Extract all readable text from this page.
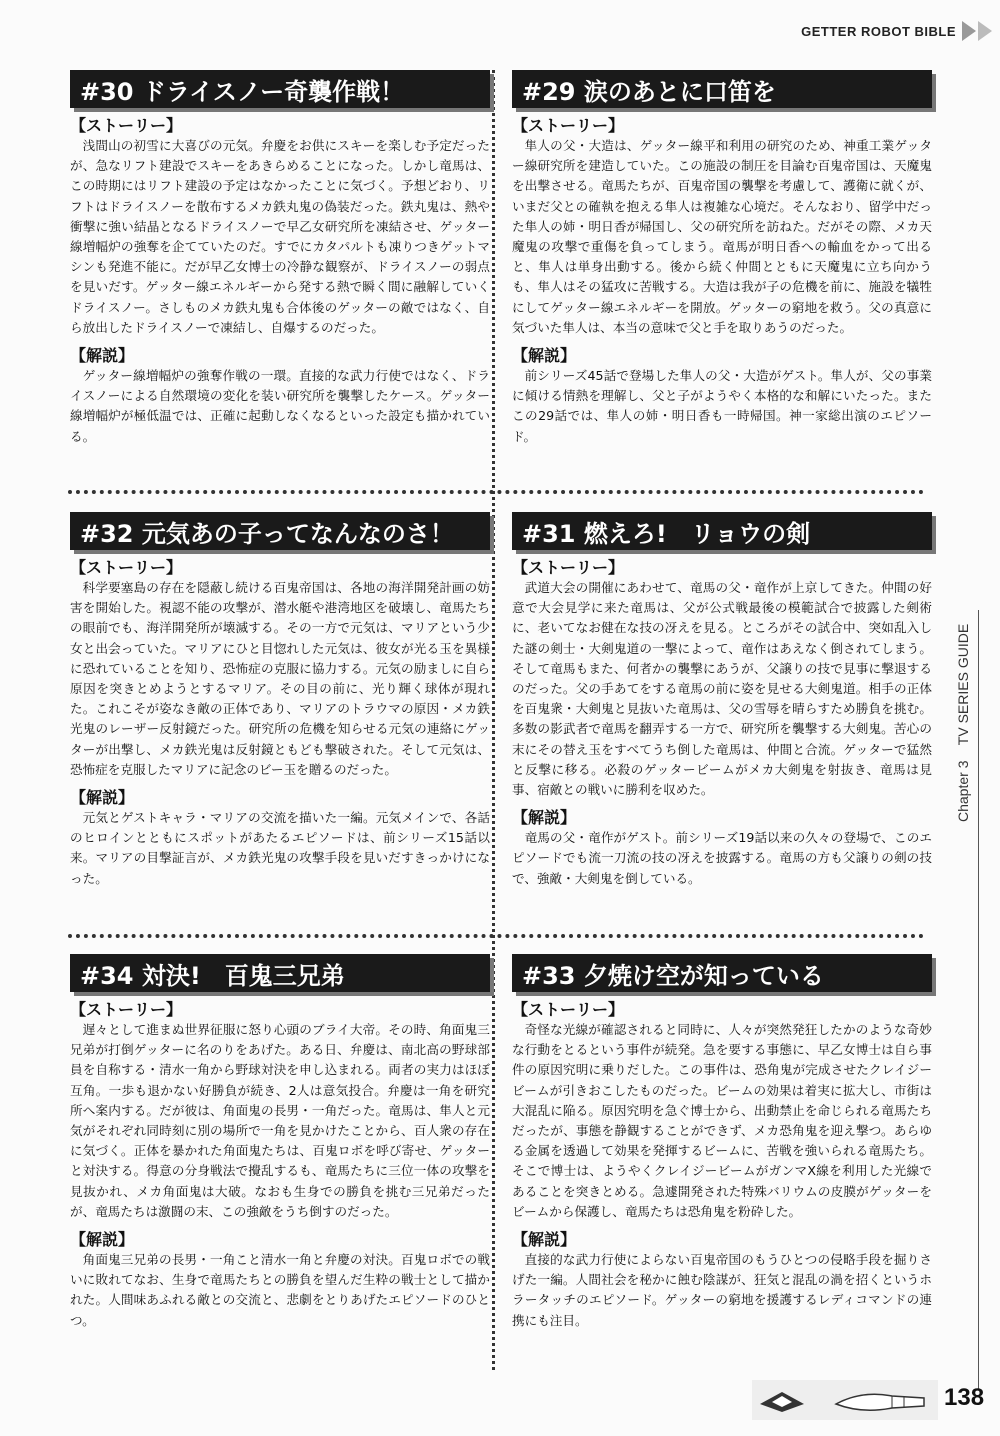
GETTER ROBOT BIBLE
#30 ドライスノー奇襲作戦！
【ストーリー】

浅間山の初雪に大喜びの元気。弁慶をお供にスキーを楽しむ予定だったが、急なリフト建設でスキーをあきらめることになった。しかし竜馬は、この時期にはリフト建設の予定はなかったことに気づく。予想どおり、リフトはドライスノーを散布するメカ鉄丸鬼の偽装だった。鉄丸鬼は、熱や衝撃に強い結晶となるドライスノーで早乙女研究所を凍結させ、ゲッター線増幅炉の強奪を企てていたのだ。すでにカタパルトも凍りつきゲットマシンも発進不能に。だが早乙女博士の冷静な観察が、ドライスノーの弱点を見いだす。ゲッター線エネルギーから発する熱で瞬く間に融解していくドライスノー。さしものメカ鉄丸鬼も合体後のゲッターの敵ではなく、自ら放出したドライスノーで凍結し、自爆するのだった。

【解説】

ゲッター線増幅炉の強奪作戦の一環。直接的な武力行使ではなく、ドライスノーによる自然環境の変化を装い研究所を襲撃したケース。ゲッター線増幅炉が極低温では、正確に起動しなくなるといった設定も描かれている。

#29 涙のあとに口笛を
【ストーリー】

隼人の父・大造は、ゲッター線平和利用の研究のため、神重工業ゲッター線研究所を建造していた。この施設の制圧を目論む百鬼帝国は、天魔鬼を出撃させる。竜馬たちが、百鬼帝国の襲撃を考慮して、護衛に就くが、いまだ父との確執を抱える隼人は複雑な心境だ。そんなおり、留学中だった隼人の姉・明日香が帰国し、父の研究所を訪ねた。だがその際、メカ天魔鬼の攻撃で重傷を負ってしまう。竜馬が明日香への輸血をかって出ると、隼人は単身出動する。後から続く仲間とともに天魔鬼に立ち向かうも、隼人はその猛攻に苦戦する。大造は我が子の危機を前に、施設を犠牲にしてゲッター線エネルギーを開放。ゲッターの窮地を救う。父の真意に気づいた隼人は、本当の意味で父と手を取りあうのだった。

【解説】

前シリーズ45話で登場した隼人の父・大造がゲスト。隼人が、父の事業に傾ける情熱を理解し、父と子がようやく本格的な和解にいたった。またこの29話では、隼人の姉・明日香も一時帰国。神一家総出演のエピソード。

#32 元気あの子ってなんなのさ！
【ストーリー】

科学要塞島の存在を隠蔽し続ける百鬼帝国は、各地の海洋開発計画の妨害を開始した。視認不能の攻撃が、潜水艇や港湾地区を破壊し、竜馬たちの眼前でも、海洋開発所が壊滅する。その一方で元気は、マリアという少女と出会っていた。マリアにひと目惚れした元気は、彼女が光る玉を異様に恐れていることを知り、恐怖症の克服に協力する。元気の励ましに自ら原因を突きとめようとするマリア。その目の前に、光り輝く球体が現れた。これこそが姿なき敵の正体であり、マリアのトラウマの原因・メカ鉄光鬼のレーザー反射鏡だった。研究所の危機を知らせる元気の連絡にゲッターが出撃し、メカ鉄光鬼は反射鏡ともども撃破された。そして元気は、恐怖症を克服したマリアに記念のビー玉を贈るのだった。

【解説】

元気とゲストキャラ・マリアの交流を描いた一編。元気メインで、各話のヒロインとともにスポットがあたるエピソードは、前シリーズ15話以来。マリアの目撃証言が、メカ鉄光鬼の攻撃手段を見いだすきっかけになった。

#31 燃えろ!　リョウの剣
【ストーリー】

武道大会の開催にあわせて、竜馬の父・竜作が上京してきた。仲間の好意で大会見学に来た竜馬は、父が公式戦最後の模範試合で披露した剣術に、老いてなお健在な技の冴えを見る。ところがその試合中、突如乱入した謎の剣士・大剣鬼道の一撃によって、竜作はあえなく倒されてしまう。そして竜馬もまた、何者かの襲撃にあうが、父譲りの技で見事に撃退するのだった。父の手あてをする竜馬の前に姿を見せる大剣鬼道。相手の正体を百鬼衆・大剣鬼と見抜いた竜馬は、父の雪辱を晴らすため勝負を挑む。多数の影武者で竜馬を翻弄する一方で、研究所を襲撃する大剣鬼。苦心の末にその替え玉をすべてうち倒した竜馬は、仲間と合流。ゲッターで猛然と反撃に移る。必殺のゲッタービームがメカ大剣鬼を射抜き、竜馬は見事、宿敵との戦いに勝利を収めた。

【解説】

竜馬の父・竜作がゲスト。前シリーズ19話以来の久々の登場で、このエピソードでも流一刀流の技の冴えを披露する。竜馬の方も父譲りの剣の技で、強敵・大剣鬼を倒している。

#34 対決!　百鬼三兄弟
【ストーリー】

遅々として進まぬ世界征服に怒り心頭のブライ大帝。その時、角面鬼三兄弟が打倒ゲッターに名のりをあげた。ある日、弁慶は、南北高の野球部員を自称する・清水一角から野球対決を申し込まれる。両者の実力はほぼ互角。一歩も退かない好勝負が続き、2人は意気投合。弁慶は一角を研究所へ案内する。だが彼は、角面鬼の長男・一角だった。竜馬は、隼人と元気がそれぞれ同時刻に別の場所で一角を見かけたことから、百人衆の存在に気づく。正体を暴かれた角面鬼たちは、百鬼ロボを呼び寄せ、ゲッターと対決する。得意の分身戦法で攪乱するも、竜馬たちに三位一体の攻撃を見抜かれ、メカ角面鬼は大破。なおも生身での勝負を挑む三兄弟だったが、竜馬たちは激闘の末、この強敵をうち倒すのだった。

【解説】

角面鬼三兄弟の長男・一角こと清水一角と弁慶の対決。百鬼ロボでの戦いに敗れてなお、生身で竜馬たちとの勝負を望んだ生粋の戦士として描かれた。人間味あふれる敵との交流と、悲劇をとりあげたエピソードのひとつ。

#33 夕焼け空が知っている
【ストーリー】

奇怪な光線が確認されると同時に、人々が突然発狂したかのような奇妙な行動をとるという事件が続発。急を要する事態に、早乙女博士は自ら事件の原因究明に乗りだした。この事件は、恐角鬼が完成させたクレイジービームが引きおこしたものだった。ビームの効果は着実に拡大し、市街は大混乱に陥る。原因究明を急ぐ博士から、出動禁止を命じられる竜馬たちだったが、事態を静観することができず、メカ恐角鬼を迎え撃つ。あらゆる金属を透過して効果を発揮するビームに、苦戦を強いられる竜馬たち。そこで博士は、ようやくクレイジービームがガンマX線を利用した光線であることを突きとめる。急遽開発された特殊バリウムの皮膜がゲッターをビームから保護し、竜馬たちは恐角鬼を粉砕した。

【解説】

直接的な武力行使によらない百鬼帝国のもうひとつの侵略手段を掘りさげた一編。人間社会を秘かに蝕む陰謀が、狂気と混乱の渦を招くというホラータッチのエピソード。ゲッターの窮地を援護するレディコマンドの連携にも注目。

Chapter 3    TV SERIES GUIDE
138
